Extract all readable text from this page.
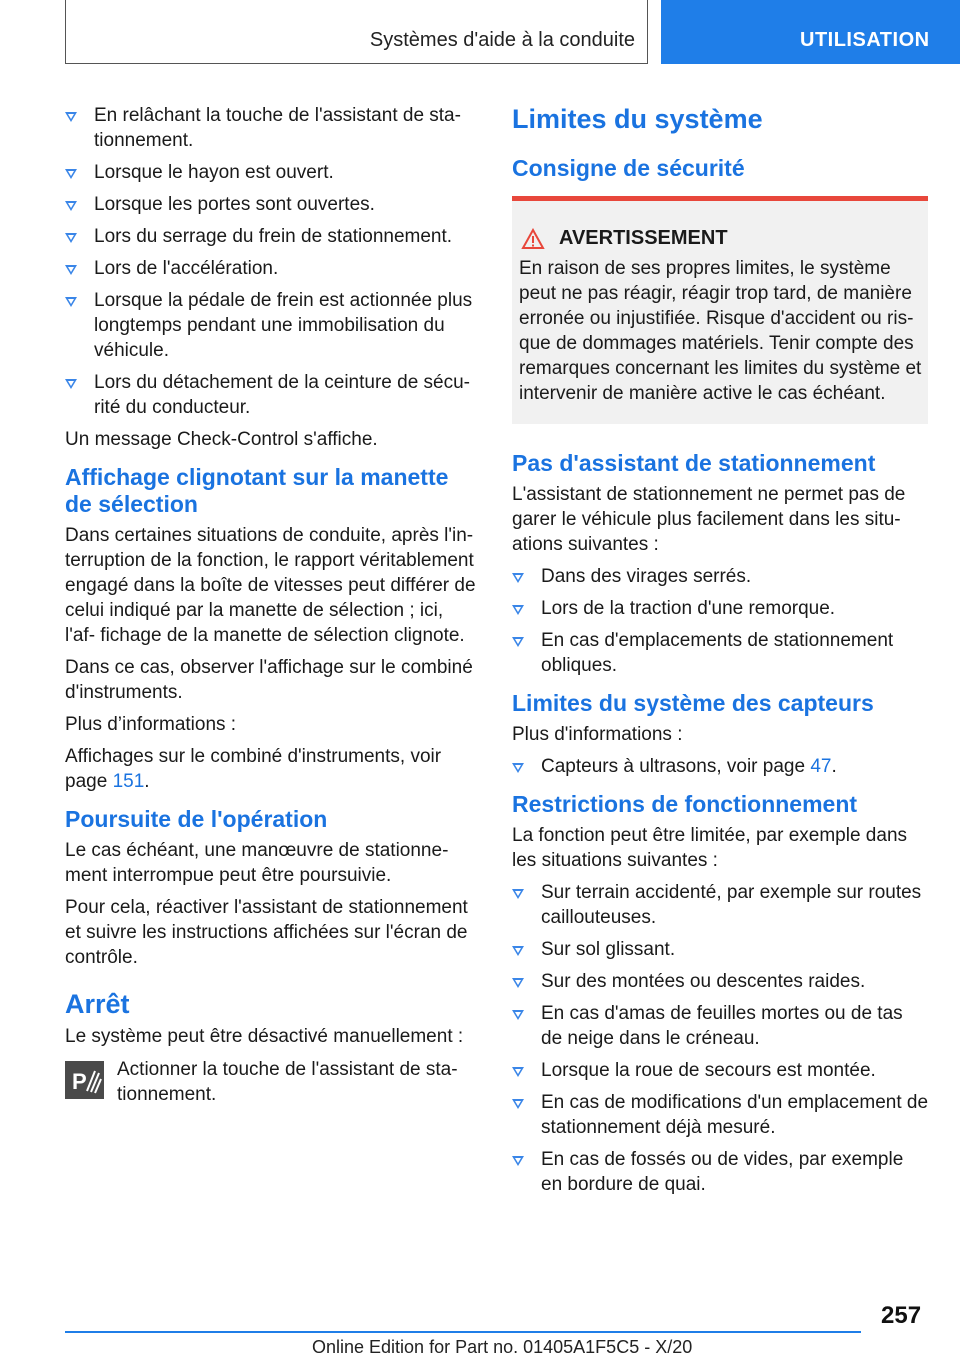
Systèmes d'aide à la conduite	UTILISATION
En relâchant la touche de l'assistant de sta- tionnement.
Lorsque le hayon est ouvert.
Lorsque les portes sont ouvertes.
Lors du serrage du frein de stationnement.
Lors de l'accélération.
Lorsque la pédale de frein est actionnée plus longtemps pendant une immobilisation du véhicule.
Lors du détachement de la ceinture de sécu- rité du conducteur.

Un message Check-Control s'affiche.

Affichage clignotant sur la manette de sélection

Dans certaines situations de conduite, après l'in- terruption de la fonction, le rapport véritablement engagé dans la boîte de vitesses peut différer de celui indiqué par la manette de sélection ; ici, l'af- fichage de la manette de sélection clignote.

Dans ce cas, observer l'affichage sur le combiné d'instruments.

Plus d’informations :

Affichages sur le combiné d'instruments, voir page 151.

Poursuite de l'opération

Le cas échéant, une manœuvre de stationne- ment interrompue peut être poursuivie.

Pour cela, réactiver l'assistant de stationnement et suivre les instructions affichées sur l'écran de contrôle.

Arrêt

Le système peut être désactivé manuellement :

P Actionner la touche de l'assistant de sta- tionnement.

Limites du système
Consigne de sécurité
AVERTISSEMENT

En raison de ses propres limites, le système peut ne pas réagir, réagir trop tard, de manière erronée ou injustifiée. Risque d'accident ou ris- que de dommages matériels. Tenir compte des remarques concernant les limites du système et intervenir de manière active le cas échéant.

Pas d'assistant de stationnement

L'assistant de stationnement ne permet pas de garer le véhicule plus facilement dans les situ- ations suivantes :

Dans des virages serrés.
Lors de la traction d'une remorque.
En cas d'emplacements de stationnement obliques.
Limites du système des capteurs

Plus d'informations :

Capteurs à ultrasons, voir page 47.
Restrictions de fonctionnement

La fonction peut être limitée, par exemple dans les situations suivantes :

Sur terrain accidenté, par exemple sur routes caillouteuses.
Sur sol glissant.
Sur des montées ou descentes raides.
En cas d'amas de feuilles mortes ou de tas de neige dans le créneau.
Lorsque la roue de secours est montée.
En cas de modifications d'un emplacement de stationnement déjà mesuré.
En cas de fossés ou de vides, par exemple en bordure de quai.
257
Online Edition for Part no. 01405A1F5C5 - X/20
